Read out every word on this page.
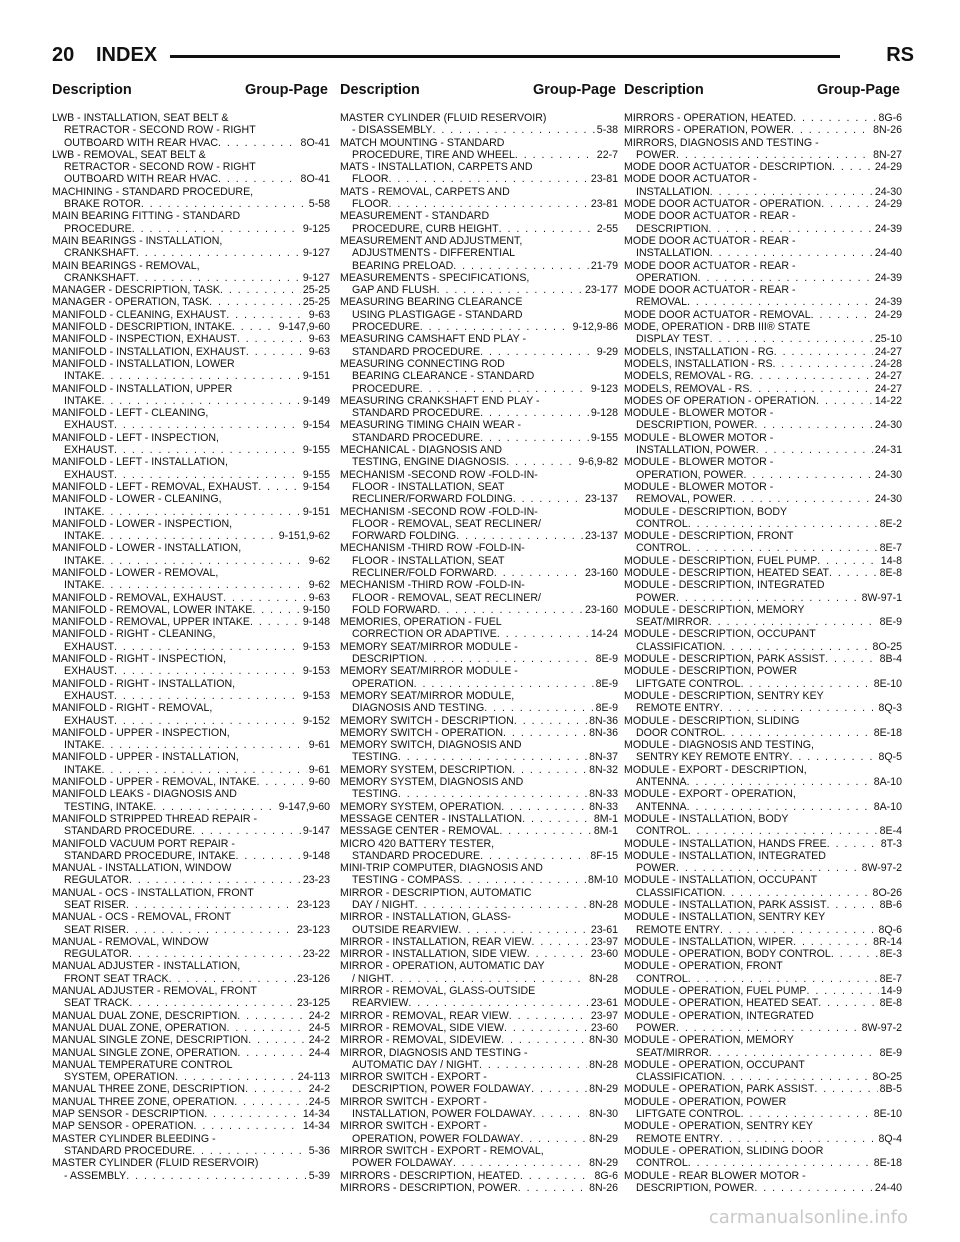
20 INDEX	RS
Description	Group-Page Description	Group-Page Description	Group-Page
LWB - INSTALLATION, SEAT BELT &
RETRACTOR - SECOND ROW - RIGHT
OUTBOARD WITH REAR HVAC . . .	8O-41
LWB - REMOVAL, SEAT BELT &
RETRACTOR - SECOND ROW - RIGHT
OUTBOARD WITH REAR HVAC . . .	8O-41
MACHINING - STANDARD PROCEDURE,
BRAKE ROTOR . . .	5-58
MAIN BEARING FITTING - STANDARD
PROCEDURE . . .	9-125
MAIN BEARINGS - INSTALLATION,
CRANKSHAFT . . .	9-127
MAIN BEARINGS - REMOVAL,
CRANKSHAFT . . .	9-127
MANAGER - DESCRIPTION, TASK . . .	25-25
MANAGER - OPERATION, TASK . . .	25-25
MANIFOLD - CLEANING, EXHAUST . . .	9-63
MANIFOLD - DESCRIPTION, INTAKE . . .	9-147,9-60
MANIFOLD - INSPECTION, EXHAUST . . .	9-63
MANIFOLD - INSTALLATION, EXHAUST . . .	9-63
MANIFOLD - INSTALLATION, LOWER
INTAKE . . .	9-151
MANIFOLD - INSTALLATION, UPPER
INTAKE . . .	9-149
MANIFOLD - LEFT - CLEANING,
EXHAUST . . .	9-154
MANIFOLD - LEFT - INSPECTION,
EXHAUST . . .	9-155
MANIFOLD - LEFT - INSTALLATION,
EXHAUST . . .	9-155
MANIFOLD - LEFT - REMOVAL, EXHAUST . . .	9-154
MANIFOLD - LOWER - CLEANING,
INTAKE . . .	9-151
MANIFOLD - LOWER - INSPECTION,
INTAKE . . .	9-151,9-62
MANIFOLD - LOWER - INSTALLATION,
INTAKE . . .	9-62
MANIFOLD - LOWER - REMOVAL,
INTAKE . . .	9-62
MANIFOLD - REMOVAL, EXHAUST . . .	9-63
MANIFOLD - REMOVAL, LOWER INTAKE . . .	9-150
MANIFOLD - REMOVAL, UPPER INTAKE . . .	9-148
MANIFOLD - RIGHT - CLEANING,
EXHAUST . . .	9-153
MANIFOLD - RIGHT - INSPECTION,
EXHAUST . . .	9-153
MANIFOLD - RIGHT - INSTALLATION,
EXHAUST . . .	9-153
MANIFOLD - RIGHT - REMOVAL,
EXHAUST . . .	9-152
MANIFOLD - UPPER - INSPECTION,
INTAKE . . .	9-61
MANIFOLD - UPPER - INSTALLATION,
INTAKE . . .	9-61
MANIFOLD - UPPER - REMOVAL, INTAKE . . .	9-60
MANIFOLD LEAKS - DIAGNOSIS AND
TESTING, INTAKE . . .	9-147,9-60
MANIFOLD STRIPPED THREAD REPAIR -
STANDARD PROCEDURE . . .	9-147
MANIFOLD VACUUM PORT REPAIR -
STANDARD PROCEDURE, INTAKE . . .	9-148
MANUAL - INSTALLATION, WINDOW
REGULATOR . . .	23-23
MANUAL - OCS - INSTALLATION, FRONT
SEAT RISER . . .	23-123
MANUAL - OCS - REMOVAL, FRONT
SEAT RISER . . .	23-123
MANUAL - REMOVAL, WINDOW
REGULATOR . . .	23-22
MANUAL ADJUSTER - INSTALLATION,
FRONT SEAT TRACK . . .	23-126
MANUAL ADJUSTER - REMOVAL, FRONT
SEAT TRACK . . .	23-125
MANUAL DUAL ZONE, DESCRIPTION . . .	24-2
MANUAL DUAL ZONE, OPERATION . . .	24-5
MANUAL SINGLE ZONE, DESCRIPTION . . .	24-2
MANUAL SINGLE ZONE, OPERATION . . .	24-4
MANUAL TEMPERATURE CONTROL
SYSTEM, OPERATION . . .	24-113
MANUAL THREE ZONE, DESCRIPTION . . .	24-2
MANUAL THREE ZONE, OPERATION . . .	24-5
MAP SENSOR - DESCRIPTION . . .	14-34
MAP SENSOR - OPERATION . . .	14-34
MASTER CYLINDER BLEEDING -
STANDARD PROCEDURE . . .	5-36
MASTER CYLINDER (FLUID RESERVOIR)
- ASSEMBLY . . .	5-39
MASTER CYLINDER (FLUID RESERVOIR)
- DISASSEMBLY . . .	5-38
MATCH MOUNTING - STANDARD
PROCEDURE, TIRE AND WHEEL . . .	22-7
MATS - INSTALLATION, CARPETS AND
FLOOR . . .	23-81
MATS - REMOVAL, CARPETS AND
FLOOR . . .	23-81
MEASUREMENT - STANDARD
PROCEDURE, CURB HEIGHT . . .	2-55
MEASUREMENT AND ADJUSTMENT,
ADJUSTMENTS - DIFFERENTIAL
BEARING PRELOAD . . .	21-79
MEASUREMENTS - SPECIFICATIONS,
GAP AND FLUSH . . .	23-177
MEASURING BEARING CLEARANCE
USING PLASTIGAGE - STANDARD
PROCEDURE . . .	9-12,9-86
MEASURING CAMSHAFT END PLAY -
STANDARD PROCEDURE . . .	9-29
MEASURING CONNECTING ROD
BEARING CLEARANCE - STANDARD
PROCEDURE . . .	9-123
MEASURING CRANKSHAFT END PLAY -
STANDARD PROCEDURE . . .	9-128
MEASURING TIMING CHAIN WEAR -
STANDARD PROCEDURE . . .	9-155
MECHANICAL - DIAGNOSIS AND
TESTING, ENGINE DIAGNOSIS . . .	9-6,9-82
MECHANISM -SECOND ROW -FOLD-IN-
FLOOR - INSTALLATION, SEAT
RECLINER/FORWARD FOLDING . . .	23-137
MECHANISM -SECOND ROW -FOLD-IN-
FLOOR - REMOVAL, SEAT RECLINER/
FORWARD FOLDING . . .	23-137
MECHANISM -THIRD ROW -FOLD-IN-
FLOOR - INSTALLATION, SEAT
RECLINER/FOLD FORWARD . . .	23-160
MECHANISM -THIRD ROW -FOLD-IN-
FLOOR - REMOVAL, SEAT RECLINER/
FOLD FORWARD . . .	23-160
MEMORIES, OPERATION - FUEL
CORRECTION OR ADAPTIVE . . .	14-24
MEMORY SEAT/MIRROR MODULE -
DESCRIPTION . . .	8E-9
MEMORY SEAT/MIRROR MODULE -
OPERATION . . .	8E-9
MEMORY SEAT/MIRROR MODULE,
DIAGNOSIS AND TESTING . . .	8E-9
MEMORY SWITCH - DESCRIPTION . . .	8N-36
MEMORY SWITCH - OPERATION . . .	8N-36
MEMORY SWITCH, DIAGNOSIS AND
TESTING . . .	8N-37
MEMORY SYSTEM, DESCRIPTION . . .	8N-32
MEMORY SYSTEM, DIAGNOSIS AND
TESTING . . .	8N-33
MEMORY SYSTEM, OPERATION . . .	8N-33
MESSAGE CENTER - INSTALLATION . . .	8M-1
MESSAGE CENTER - REMOVAL . . .	8M-1
MICRO 420 BATTERY TESTER,
STANDARD PROCEDURE . . .	8F-15
MINI-TRIP COMPUTER, DIAGNOSIS AND
TESTING - COMPASS . . .	8M-10
MIRROR - DESCRIPTION, AUTOMATIC
DAY / NIGHT . . .	8N-28
MIRROR - INSTALLATION, GLASS-
OUTSIDE REARVIEW . . .	23-61
MIRROR - INSTALLATION, REAR VIEW . . .	23-97
MIRROR - INSTALLATION, SIDE VIEW . . .	23-60
MIRROR - OPERATION, AUTOMATIC DAY
/ NIGHT . . .	8N-28
MIRROR - REMOVAL, GLASS-OUTSIDE
REARVIEW . . .	23-61
MIRROR - REMOVAL, REAR VIEW . . .	23-97
MIRROR - REMOVAL, SIDE VIEW . . .	23-60
MIRROR - REMOVAL, SIDEVIEW . . .	8N-30
MIRROR, DIAGNOSIS AND TESTING -
AUTOMATIC DAY / NIGHT . . .	8N-28
MIRROR SWITCH - EXPORT -
DESCRIPTION, POWER FOLDAWAY . . .	8N-29
MIRROR SWITCH - EXPORT -
INSTALLATION, POWER FOLDAWAY . . .	8N-30
MIRROR SWITCH - EXPORT -
OPERATION, POWER FOLDAWAY . . .	8N-29
MIRROR SWITCH - EXPORT - REMOVAL,
POWER FOLDAWAY . . .	8N-29
MIRRORS - DESCRIPTION, HEATED . . .	8G-6
MIRRORS - DESCRIPTION, POWER . . .	8N-26
MIRRORS - OPERATION, HEATED . . .	8G-6
MIRRORS - OPERATION, POWER . . .	8N-26
MIRRORS, DIAGNOSIS AND TESTING -
POWER . . .	8N-27
MODE DOOR ACTUATOR - DESCRIPTION . . .	24-29
MODE DOOR ACTUATOR -
INSTALLATION . . .	24-30
MODE DOOR ACTUATOR - OPERATION . . .	24-29
MODE DOOR ACTUATOR - REAR -
DESCRIPTION . . .	24-39
MODE DOOR ACTUATOR - REAR -
INSTALLATION . . .	24-40
MODE DOOR ACTUATOR - REAR -
OPERATION . . .	24-39
MODE DOOR ACTUATOR - REAR -
REMOVAL . . .	24-39
MODE DOOR ACTUATOR - REMOVAL . . .	24-29
MODE, OPERATION - DRB III® STATE
DISPLAY TEST . . .	25-10
MODELS, INSTALLATION - RG . . .	24-27
MODELS, INSTALLATION - RS . . .	24-28
MODELS, REMOVAL - RG . . .	24-27
MODELS, REMOVAL - RS . . .	24-27
MODES OF OPERATION - OPERATION . . .	14-22
MODULE - BLOWER MOTOR -
DESCRIPTION, POWER . . .	24-30
MODULE - BLOWER MOTOR -
INSTALLATION, POWER . . .	24-31
MODULE - BLOWER MOTOR -
OPERATION, POWER . . .	24-30
MODULE - BLOWER MOTOR -
REMOVAL, POWER . . .	24-30
MODULE - DESCRIPTION, BODY
CONTROL . . .	8E-2
MODULE - DESCRIPTION, FRONT
CONTROL . . .	8E-7
MODULE - DESCRIPTION, FUEL PUMP . . .	14-8
MODULE - DESCRIPTION, HEATED SEAT . . .	8E-8
MODULE - DESCRIPTION, INTEGRATED
POWER . . .	8W-97-1
MODULE - DESCRIPTION, MEMORY
SEAT/MIRROR . . .	8E-9
MODULE - DESCRIPTION, OCCUPANT
CLASSIFICATION . . .	8O-25
MODULE - DESCRIPTION, PARK ASSIST . . .	8B-4
MODULE - DESCRIPTION, POWER
LIFTGATE CONTROL . . .	8E-10
MODULE - DESCRIPTION, SENTRY KEY
REMOTE ENTRY . . .	8Q-3
MODULE - DESCRIPTION, SLIDING
DOOR CONTROL . . .	8E-18
MODULE - DIAGNOSIS AND TESTING,
SENTRY KEY REMOTE ENTRY . . .	8Q-5
MODULE - EXPORT - DESCRIPTION,
ANTENNA . . .	8A-10
MODULE - EXPORT - OPERATION,
ANTENNA . . .	8A-10
MODULE - INSTALLATION, BODY
CONTROL . . .	8E-4
MODULE - INSTALLATION, HANDS FREE . . .	8T-3
MODULE - INSTALLATION, INTEGRATED
POWER . . .	8W-97-2
MODULE - INSTALLATION, OCCUPANT
CLASSIFICATION . . .	8O-26
MODULE - INSTALLATION, PARK ASSIST . . .	8B-6
MODULE - INSTALLATION, SENTRY KEY
REMOTE ENTRY . . .	8Q-6
MODULE - INSTALLATION, WIPER . . .	8R-14
MODULE - OPERATION, BODY CONTROL . . .	8E-3
MODULE - OPERATION, FRONT
CONTROL . . .	8E-7
MODULE - OPERATION, FUEL PUMP . . .	14-9
MODULE - OPERATION, HEATED SEAT . . .	8E-8
MODULE - OPERATION, INTEGRATED
POWER . . .	8W-97-2
MODULE - OPERATION, MEMORY
SEAT/MIRROR . . .	8E-9
MODULE - OPERATION, OCCUPANT
CLASSIFICATION . . .	8O-25
MODULE - OPERATION, PARK ASSIST . . .	8B-5
MODULE - OPERATION, POWER
LIFTGATE CONTROL . . .	8E-10
MODULE - OPERATION, SENTRY KEY
REMOTE ENTRY . . .	8Q-4
MODULE - OPERATION, SLIDING DOOR
CONTROL . . .	8E-18
MODULE - REAR BLOWER MOTOR -
DESCRIPTION, POWER . . .	24-40
carmanualsonline.info
